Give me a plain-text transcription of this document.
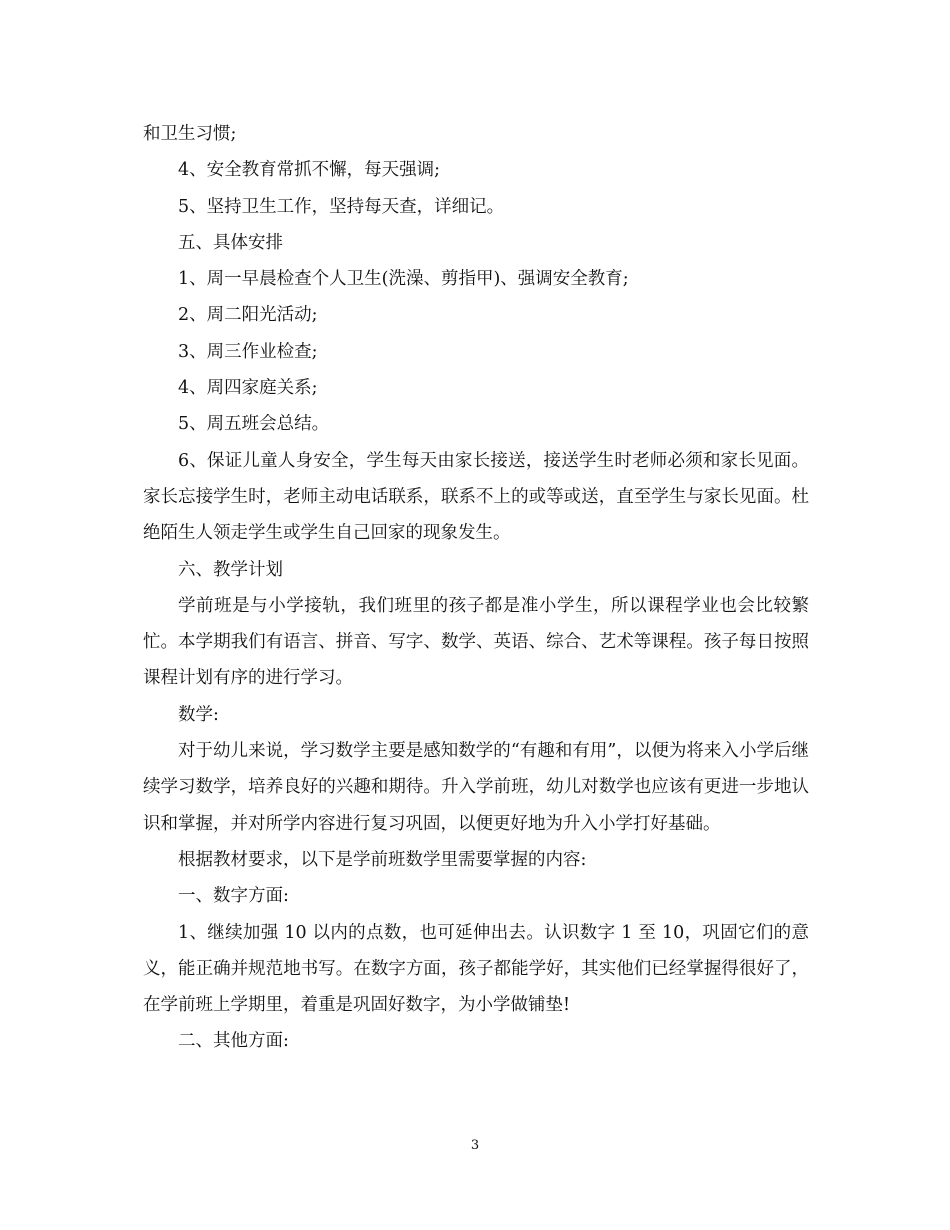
和卫生习惯;

4、安全教育常抓不懈，每天强调;

5、坚持卫生工作，坚持每天查，详细记。

五、具体安排

1、周一早晨检查个人卫生(洗澡、剪指甲)、强调安全教育;

2、周二阳光活动;

3、周三作业检查;

4、周四家庭关系;

5、周五班会总结。

6、保证儿童人身安全，学生每天由家长接送，接送学生时老师必须和家长见面。家长忘接学生时，老师主动电话联系，联系不上的或等或送，直至学生与家长见面。杜绝陌生人领走学生或学生自己回家的现象发生。

六、教学计划

学前班是与小学接轨，我们班里的孩子都是准小学生，所以课程学业也会比较繁忙。本学期我们有语言、拼音、写字、数学、英语、综合、艺术等课程。孩子每日按照课程计划有序的进行学习。

数学:

对于幼儿来说，学习数学主要是感知数学的“有趣和有用”，以便为将来入小学后继续学习数学，培养良好的兴趣和期待。升入学前班，幼儿对数学也应该有更进一步地认识和掌握，并对所学内容进行复习巩固，以便更好地为升入小学打好基础。

根据教材要求，以下是学前班数学里需要掌握的内容:

一、数字方面:

1、继续加强 10 以内的点数，也可延伸出去。认识数字 1 至 10，巩固它们的意义，能正确并规范地书写。在数字方面，孩子都能学好，其实他们已经掌握得很好了，在学前班上学期里，着重是巩固好数字，为小学做铺垫!

二、其他方面:

3
